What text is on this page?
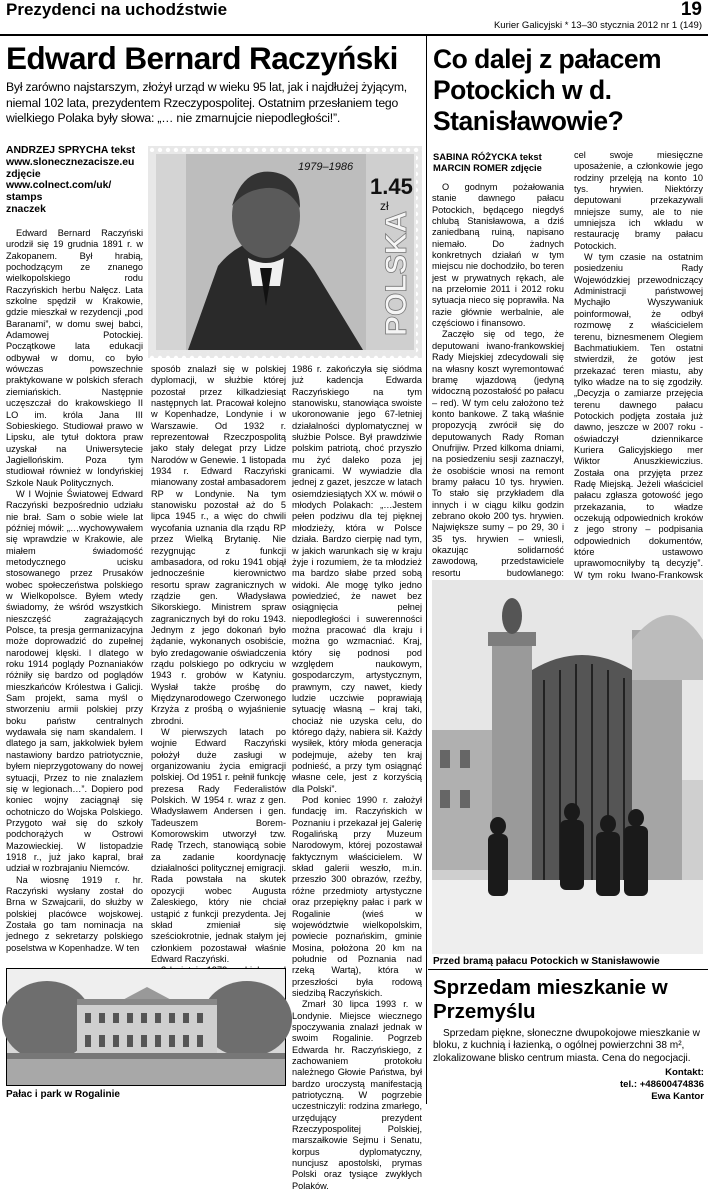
Prezydenci na uchodźstwie	19
Kurier Galicyjski * 13–30 stycznia 2012 nr 1 (149)
Edward Bernard Raczyński
Był zarówno najstarszym, złożył urząd w wieku 95 lat, jak i najdłużej żyjącym, niemal 102 lata, prezydentem Rzeczypospolitej. Ostatnim przesłaniem tego wielkiego Polaka były słowa: „… nie zmarnujcie niepodległości!”.
ANDRZEJ SPRYCHA tekst
www.slonecznezacisze.eu
zdjęcie
www.colnect.com/uk/
stamps
znaczek
1.45
zł
POLSKA
1979–1986

Edward Bernard Raczyński urodził się 19 grudnia 1891 r. w Zakopanem. Był hrabią, pochodzącym ze znanego wielkopolskiego rodu Raczyńskich herbu Nałęcz. Lata szkolne spędził w Krakowie, gdzie mieszkał w rezydencji „pod Baranami”, w domu swej babci, Adamowej Potockiej. Początkowe lata edukacji odbywał w domu, co było wówczas powszechnie praktykowane w polskich sferach ziemiańskich. Następnie uczęszczał do krakowskiego II LO im. króla Jana III Sobieskiego. Studiował prawo w Lipsku, ale tytuł doktora praw uzyskał na Uniwersytecie Jagiellońskim. Poza tym studiował również w londyńskiej Szkole Nauk Politycznych.

W I Wojnie Światowej Edward Raczyński bezpośrednio udziału nie brał. Sam o sobie wiele lat później mówił: „…wychowywałem się wprawdzie w Krakowie, ale miałem świadomość metodycznego ucisku stosowanego przez Prusaków wobec społeczeństwa polskiego w Wielkopolsce. Byłem wtedy świadomy, że wśród wszystkich nieszczęść zagrażających Polsce, ta presja germanizacyjna może doprowadzić do zupełnej narodowej klęski. I dlatego w roku 1914 poglądy Poznaniaków różniły się bardzo od poglądów mieszkańców Królestwa i Galicji. Sam projekt, sama myśl o stworzeniu armii polskiej przy boku państw centralnych wydawała się nam skandalem. I dlatego ja sam, jakkolwiek byłem nastawiony bardzo patriotycznie, byłem nieprzygotowany do nowej sytuacji, Przez to nie znalazłem się w legionach…”. Dopiero pod koniec wojny zaciągnął się ochotniczo do Wojska Polskiego. Przygoto wał się do szkoły podchorążych w Ostrowi Mazowieckiej. W listopadzie 1918 r., już jako kapral, brał udział w rozbrajaniu Niemców.

Na wiosnę 1919 r. hr. Raczyński wysłany został do Brna w Szwajcarii, do służby w polskiej placówce wojskowej. Została go tam nominacja na jednego z sekretarzy polskiego poselstwa w Kopenhadze. W ten

sposób znalazł się w polskiej dyplomacji, w służbie której pozostał przez kilkadziesiąt następnych lat. Pracował kolejno w Kopenhadze, Londynie i w Warszawie. Od 1932 r. reprezentował Rzeczpospolitą jako stały delegat przy Lidze Narodów w Genewie. 1 listopada 1934 r. Edward Raczyński mianowany został ambasadorem RP w Londynie. Na tym stanowisku pozostał aż do 5 lipca 1945 r., a więc do chwili wycofania uznania dla rządu RP przez Wielką Brytanię. Nie rezygnując z funkcji ambasadora, od roku 1941 objął jednocześnie kierownictwo resortu spraw zagranicznych w rządzie gen. Władysława Sikorskiego. Ministrem spraw zagranicznych był do roku 1943. Jednym z jego dokonań było żądanie, wykonanych osobiście, było zredagowanie oświadczenia rządu polskiego po odkryciu w 1943 r. grobów w Katyniu. Wysłał także prośbę do Międzynarodowego Czerwonego Krzyża z prośbą o wyjaśnienie zbrodni.

W pierwszych latach po wojnie Edward Raczyński położył duże zasługi w organizowaniu życia emigracji polskiej. Od 1951 r. pełnił funkcję prezesa Rady Federalistów Polskich. W 1954 r. wraz z gen. Władysławem Andersen i gen. Tadeuszem Borem-Komorowskim utworzył tzw. Radę Trzech, stanowiącą sobie za zadanie koordynację działalności politycznej emigracji. Rada powstała na skutek opozycji wobec Augusta Zaleskiego, który nie chciał ustąpić z funkcji prezydenta. Jej skład zmieniał się sześciokrotnie, jednak stałym jej członkiem pozostawał właśnie Edward Raczyński.

1986 r. zakończyła się siódma już kadencja Edwarda Raczyńskiego na tym stanowisku, stanowiąca swoiste ukoronowanie jego 67-letniej działalności dyplomatycznej w służbie Polsce. Był prawdziwie polskim patriotą, choć przyszło mu żyć daleko poza jej granicami. W wywiadzie dla jednej z gazet, jeszcze w latach osiemdziesiątych XX w. mówił o młodych Polakach: „…Jestem pełen podziwu dla tej pięknej młodzieży, która w Polsce działa. Bardzo cierpię nad tym, w jakich warunkach się w kraju żyje i rozumiem, że ta młodzież ma bardzo słabe przed sobą widoki. Ale mogę tylko jedno powiedzieć, że nawet bez osiągnięcia pełnej niepodległości i suwerenności można pracować dla kraju i można go wzmacniać. Kraj, który się podnosi pod względem naukowym, gospodarczym, artystycznym, prawnym, czy nawet, kiedy ludzie uczciwie poprawiają sytuację własną – kraj taki, chociaż nie uzyska celu, do którego dąży, nabiera sił. Każdy wysiłek, który młoda generacja podejmuje, ażeby ten kraj podnieść, a przy tym osiągnąć własne cele, jest z korzyścią dla Polski”.

Pod koniec 1990 r. założył fundację im. Raczyńskich w Poznaniu i przekazał jej Galerię Rogalińską przy Muzeum Narodowym, której pozostawał faktycznym właścicielem. W skład galerii weszło, m.in. przeszło 300 obrazów, rzeźby, różne przedmioty artystyczne oraz przepiękny pałac i park w Rogalinie (wieś w województwie wielkopolskim, powiecie poznańskim, gminie Mosina, położona 20 km na południe od Poznania nad rzeką Wartą), która w przeszłości była rodową siedzibą Raczyńskich.

Zmarł 30 lipca 1993 r. w Londynie. Miejsce wiecznego spoczywania znalazł jednak w swoim Rogalinie. Pogrzeb Edwarda hr. Raczyńskiego, z zachowaniem protokołu należnego Głowie Państwa, był bardzo uroczystą manifestacją patriotyczną. W pogrzebie uczestniczyli: rodzina zmarłego, urzędujący prezydent Rzeczypospolitej Polskiej, marszałkowie Sejmu i Senatu, korpus dyplomatyczny, nuncjusz apostolski, prymas Polski oraz tysiące zwykłych Polaków.

Pałac i park w Rogalinie
Co dalej z pałacem Potockich w d. Stanisławowie?
SABINA RÓŻYCKA tekst
MARCIN ROMER zdjęcie

O godnym pożałowania stanie dawnego pałacu Potockich, będącego niegdyś chlubą Stanisławowa, a dziś zaniedbaną ruiną, napisano niemało. Do żadnych konkretnych działań w tym miejscu nie dochodziło, bo teren jest w prywatnych rękach, ale na przełomie 2011 i 2012 roku sytuacja nieco się poprawiła. Na razie głównie werbalnie, ale częściowo i finansowo.

Zaczęło się od tego, że deputowani iwano-frankowskiej Rady Miejskiej zdecydowali się na własny koszt wyremontować bramę wjazdową (jedyną widoczną pozostałość po pałacu – red). W tym celu założono też konto bankowe. Z taką właśnie propozycją zwrócił się do deputowanych Rady Roman Onufrijiw. Przed kilkoma dniami, na posiedzeniu sesji zaznaczył, że osobiście wnosi na remont bramy pałacu 10 tys. hrywien. To stało się przykładem dla innych i w ciągu kilku godzin zebrano około 200 tys. hrywien. Największe sumy – po 29, 30 i 35 tys. hrywien – wniesli, okazując solidarność zawodową, przedstawiciele resortu budowlanego:

cel swoje miesięczne uposażenie, a członkowie jego rodziny przelęją na konto 10 tys. hrywien. Niektórzy deputowani przekazywali mniejsze sumy, ale to nie umniejsza ich wkładu w restaurację bramy pałacu Potockich.

W tym czasie na ostatnim posiedzeniu Rady Wojewódzkiej przewodniczący Administracji państwowej Mychajło Wyszywaniuk poinformował, że odbył rozmowę z właścicielem terenu, biznesmenem Olegiem Bachmatiukiem. Ten ostatni stwierdził, że gotów jest przekazać teren miastu, aby tylko władze na to się zgodziły. „Decyzja o zamiarze przejęcia terenu dawnego pałacu Potockich podjęta została już dawno, jeszcze w 2007 roku - oświadczył dziennikarce Kuriera Galicyjskiego mer Wiktor Anuszkiewiczius. Została ona przyjęta przez Radę Miejską. Jeżeli właściciel pałacu zgłasza gotowość jego przekazania, to władze oczekują odpowiednich kroków z jego strony – podpisania odpowiednich dokumentów, które ustawowo uprawomocniłyby tą decyzję”. W tym roku Iwano-Frankowsk

Przed bramą pałacu Potockich w Stanisławowie
Sprzedam mieszkanie w Przemyślu

Sprzedam piękne, słoneczne dwupokojowe mieszkanie w bloku, z kuchnią i łazienką, o ogólnej powierzchni 38 m², zlokalizowane blisko centrum miasta. Cena do negocjacji.

Kontakt:
tel.: +48600474836
Ewa Kantor
